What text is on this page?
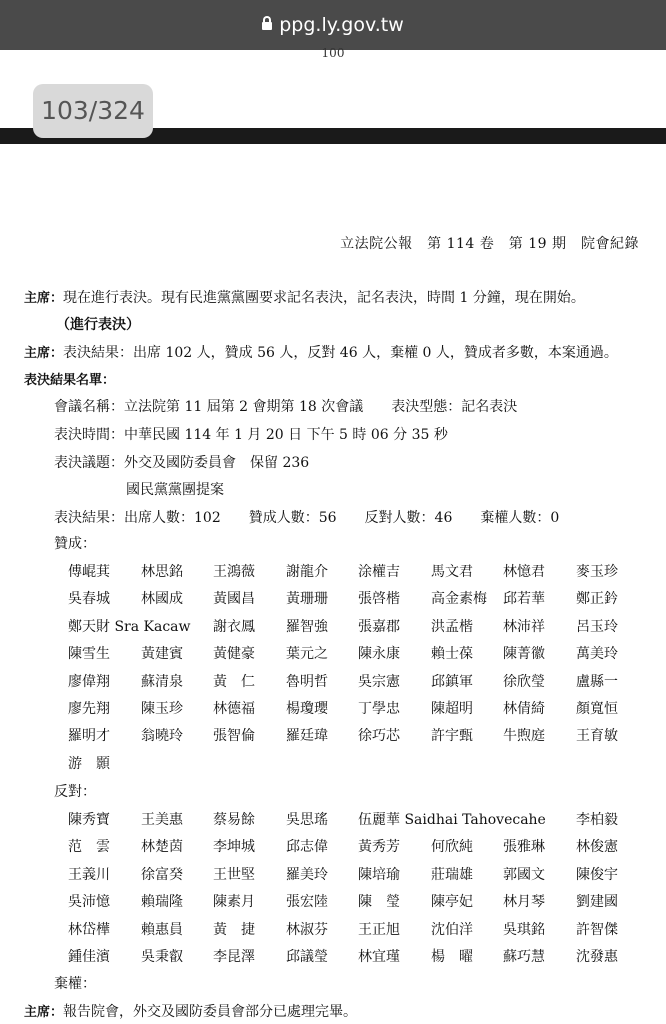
ppg.ly.gov.tw
100
103/324
立法院公報　第 114 卷　第 19 期　院會紀錄
主席：現在進行表決。現有民進黨黨團要求記名表決，記名表決，時間 1 分鐘，現在開始。
（進行表決）
主席：表決結果：出席 102 人，贊成 56 人，反對 46 人，棄權 0 人，贊成者多數，本案通過。
表決結果名單：
會議名稱：立法院第 11 屆第 2 會期第 18 次會議　　表決型態：記名表決
表決時間：中華民國 114 年 1 月 20 日 下午 5 時 06 分 35 秒
表決議題：外交及國防委員會　保留 236
國民黨黨團提案
表決結果：出席人數：102　　贊成人數：56　　反對人數：46　　棄權人數：0
贊成：
傅崐萁 林思銘 王鴻薇 謝龍介 涂權吉 馬文君 林憶君 麥玉珍
吳春城 林國成 黃國昌 黃珊珊 張啓楷 高金素梅 邱若華 鄭正鈐
鄭天財 Sra Kacaw 謝衣鳳 羅智強 張嘉郡 洪孟楷 林沛祥 呂玉玲
陳雪生 黃建賓 黃健豪 葉元之 陳永康 賴士葆 陳菁徽 萬美玲
廖偉翔 蘇清泉 黃　仁 魯明哲 吳宗憲 邱鎮軍 徐欣瑩 盧縣一
廖先翔 陳玉珍 林德福 楊瓊瓔 丁學忠 陳超明 林倩綺 顏寬恒
羅明才 翁曉玲 張智倫 羅廷瑋 徐巧芯 許宇甄 牛煦庭 王育敏
游　顥
反對：
陳秀寶 王美惠 蔡易餘 吳思瑤 伍麗華 Saidhai Tahovecahe 李柏毅
范　雲 林楚茵 李坤城 邱志偉 黃秀芳 何欣純 張雅琳 林俊憲
王義川 徐富癸 王世堅 羅美玲 陳培瑜 莊瑞雄 郭國文 陳俊宇
吳沛憶 賴瑞隆 陳素月 張宏陸 陳　瑩 陳亭妃 林月琴 劉建國
林岱樺 賴惠員 黃　捷 林淑芬 王正旭 沈伯洋 吳琪銘 許智傑
鍾佳濱 吳秉叡 李昆澤 邱議瑩 林宜瑾 楊　曜 蘇巧慧 沈發惠
棄權：
主席：報告院會，外交及國防委員會部分已處理完畢。
